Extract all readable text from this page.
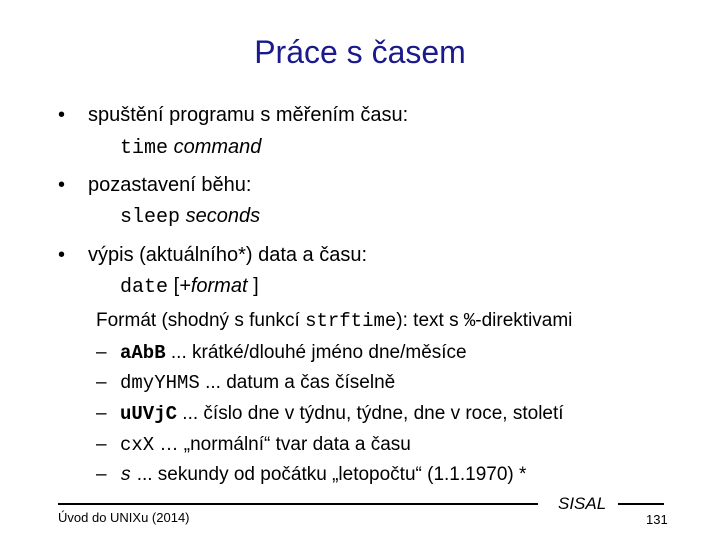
Práce s časem
• spuštění programu s měřením času:
time command
• pozastavení běhu:
sleep seconds
• výpis (aktuálního*) data a času:
date [+format ]
Formát (shodný s funkcí strftime): text s %-direktivami
– aAbB ... krátké/dlouhé jméno dne/měsíce
– dmyYHMS ... datum a čas číselně
– uUVjC ... číslo dne v týdnu, týdne, dne v roce, století
– cxX … „normální“ tvar data a času
– s ... sekundy od počátku „letopočtu“ (1.1.1970) *
Úvod do UNIXu (2014)
SISAL
131
